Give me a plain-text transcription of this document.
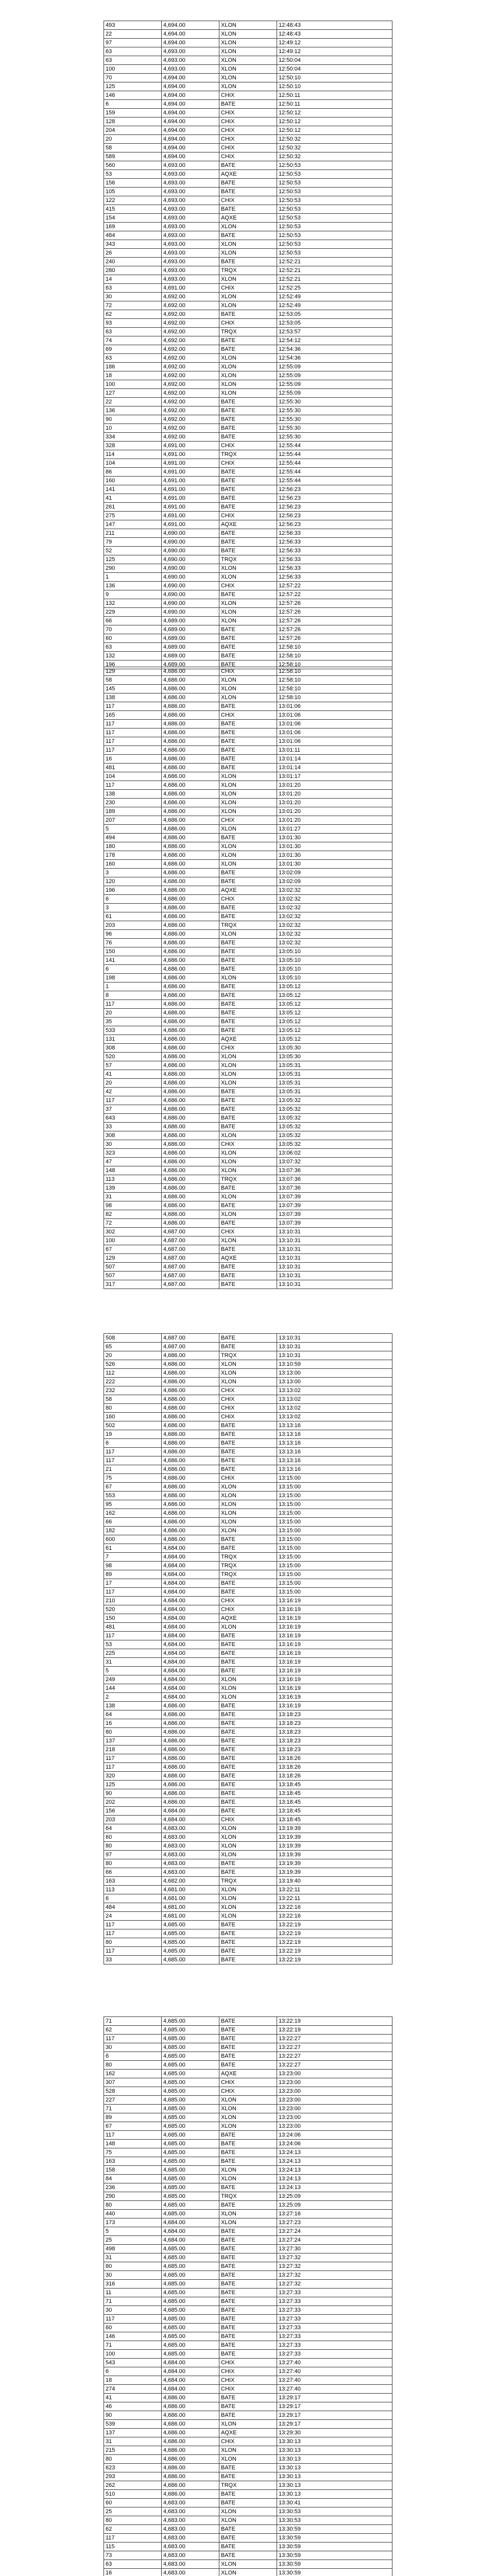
493	4,694.00	XLON	12:48:43
22	4,694.00	XLON	12:48:43
97	4,694.00	XLON	12:49:12
63	4,693.00	XLON	12:49:12
63	4,693.00	XLON	12:50:04
100	4,693.00	XLON	12:50:04
70	4,694.00	XLON	12:50:10
125	4,694.00	XLON	12:50:10
146	4,694.00	CHIX	12:50:11
6	4,694.00	BATE	12:50:11
159	4,694.00	CHIX	12:50:12
128	4,694.00	CHIX	12:50:12
204	4,694.00	CHIX	12:50:12
20	4,694.00	CHIX	12:50:32
58	4,694.00	CHIX	12:50:32
589	4,694.00	CHIX	12:50:32
560	4,693.00	BATE	12:50:53
53	4,693.00	AQXE	12:50:53
156	4,693.00	BATE	12:50:53
105	4,693.00	BATE	12:50:53
122	4,693.00	CHIX	12:50:53
415	4,693.00	BATE	12:50:53
154	4,693.00	AQXE	12:50:53
169	4,693.00	XLON	12:50:53
484	4,693.00	BATE	12:50:53
343	4,693.00	XLON	12:50:53
26	4,693.00	XLON	12:50:53
240	4,693.00	BATE	12:52:21
280	4,693.00	TRQX	12:52:21
14	4,693.00	XLON	12:52:21
63	4,691.00	CHIX	12:52:25
30	4,692.00	XLON	12:52:49
72	4,692.00	XLON	12:52:49
62	4,692.00	BATE	12:53:05
93	4,692.00	CHIX	12:53:05
63	4,692.00	TRQX	12:53:57
74	4,692.00	BATE	12:54:12
69	4,692.00	BATE	12:54:36
63	4,692.00	XLON	12:54:36
186	4,692.00	XLON	12:55:09
18	4,692.00	XLON	12:55:09
100	4,692.00	XLON	12:55:09
127	4,692.00	XLON	12:55:09
22	4,692.00	BATE	12:55:30
136	4,692.00	BATE	12:55:30
90	4,692.00	BATE	12:55:30
10	4,692.00	BATE	12:55:30
334	4,692.00	BATE	12:55:30
328	4,691.00	CHIX	12:55:44
114	4,691.00	TRQX	12:55:44
104	4,691.00	CHIX	12:55:44
86	4,691.00	BATE	12:55:44
160	4,691.00	BATE	12:55:44
141	4,691.00	BATE	12:56:23
41	4,691.00	BATE	12:56:23
261	4,691.00	BATE	12:56:23
275	4,691.00	CHIX	12:56:23
147	4,691.00	AQXE	12:56:23
211	4,690.00	BATE	12:56:33
79	4,690.00	BATE	12:56:33
52	4,690.00	BATE	12:56:33
125	4,690.00	TRQX	12:56:33
290	4,690.00	XLON	12:56:33
1	4,690.00	XLON	12:56:33
136	4,690.00	CHIX	12:57:22
9	4,690.00	BATE	12:57:22
132	4,690.00	XLON	12:57:26
229	4,690.00	XLON	12:57:26
66	4,689.00	XLON	12:57:26
70	4,689.00	BATE	12:57:26
60	4,689.00	BATE	12:57:26
63	4,689.00	BATE	12:58:10
132	4,689.00	BATE	12:58:10
196	4,689.00	BATE	12:58:10
129	4,686.00	CHIX	12:58:10
58	4,686.00	XLON	12:58:10
145	4,686.00	XLON	12:58:10
138	4,686.00	XLON	12:58:10
117	4,686.00	BATE	13:01:06
165	4,686.00	CHIX	13:01:06
117	4,686.00	BATE	13:01:06
117	4,686.00	BATE	13:01:06
117	4,686.00	BATE	13:01:06
117	4,686.00	BATE	13:01:11
16	4,686.00	BATE	13:01:14
481	4,686.00	BATE	13:01:14
104	4,686.00	XLON	13:01:17
117	4,686.00	XLON	13:01:20
138	4,686.00	XLON	13:01:20
230	4,686.00	XLON	13:01:20
189	4,686.00	XLON	13:01:20
207	4,686.00	CHIX	13:01:20
5	4,686.00	XLON	13:01:27
494	4,686.00	BATE	13:01:30
180	4,686.00	XLON	13:01:30
178	4,686.00	XLON	13:01:30
160	4,686.00	XLON	13:01:30
3	4,686.00	BATE	13:02:09
120	4,686.00	BATE	13:02:09
196	4,686.00	AQXE	13:02:32
6	4,686.00	CHIX	13:02:32
3	4,686.00	BATE	13:02:32
61	4,686.00	BATE	13:02:32
203	4,686.00	TRQX	13:02:32
96	4,686.00	XLON	13:02:32
76	4,686.00	BATE	13:02:32
150	4,686.00	BATE	13:05:10
141	4,686.00	BATE	13:05:10
6	4,686.00	BATE	13:05:10
198	4,686.00	XLON	13:05:10
1	4,686.00	BATE	13:05:12
8	4,686.00	BATE	13:05:12
117	4,686.00	BATE	13:05:12
20	4,686.00	BATE	13:05:12
35	4,686.00	BATE	13:05:12
533	4,686.00	BATE	13:05:12
131	4,686.00	AQXE	13:05:12
308	4,686.00	CHIX	13:05:30
520	4,686.00	XLON	13:05:30
57	4,686.00	XLON	13:05:31
41	4,686.00	XLON	13:05:31
20	4,686.00	XLON	13:05:31
42	4,686.00	BATE	13:05:31
117	4,686.00	BATE	13:05:32
37	4,686.00	BATE	13:05:32
643	4,686.00	BATE	13:05:32
33	4,686.00	BATE	13:05:32
308	4,686.00	XLON	13:05:32
30	4,686.00	CHIX	13:05:32
323	4,686.00	XLON	13:06:02
47	4,686.00	XLON	13:07:32
148	4,686.00	XLON	13:07:36
113	4,686.00	TRQX	13:07:36
139	4,686.00	BATE	13:07:36
31	4,686.00	XLON	13:07:39
98	4,686.00	BATE	13:07:39
82	4,686.00	XLON	13:07:39
72	4,686.00	BATE	13:07:39
302	4,687.00	CHIX	13:10:31
100	4,687.00	XLON	13:10:31
67	4,687.00	BATE	13:10:31
129	4,687.00	AQXE	13:10:31
507	4,687.00	BATE	13:10:31
507	4,687.00	BATE	13:10:31
317	4,687.00	BATE	13:10:31
508	4,687.00	BATE	13:10:31
65	4,687.00	BATE	13:10:31
20	4,686.00	TRQX	13:10:31
526	4,686.00	XLON	13:10:59
112	4,686.00	XLON	13:13:00
222	4,686.00	XLON	13:13:00
232	4,686.00	CHIX	13:13:02
58	4,686.00	CHIX	13:13:02
80	4,686.00	CHIX	13:13:02
160	4,686.00	CHIX	13:13:02
502	4,686.00	BATE	13:13:16
19	4,686.00	BATE	13:13:16
6	4,686.00	BATE	13:13:16
117	4,686.00	BATE	13:13:16
117	4,686.00	BATE	13:13:16
21	4,686.00	BATE	13:13:16
75	4,686.00	CHIX	13:15:00
67	4,686.00	XLON	13:15:00
553	4,686.00	XLON	13:15:00
95	4,686.00	XLON	13:15:00
162	4,686.00	XLON	13:15:00
66	4,686.00	XLON	13:15:00
182	4,686.00	XLON	13:15:00
600	4,686.00	BATE	13:15:00
61	4,684.00	BATE	13:15:00
7	4,684.00	TRQX	13:15:00
98	4,684.00	TRQX	13:15:00
89	4,684.00	TRQX	13:15:00
17	4,684.00	BATE	13:15:00
117	4,684.00	BATE	13:15:00
210	4,684.00	CHIX	13:16:19
520	4,684.00	CHIX	13:16:19
150	4,684.00	AQXE	13:16:19
481	4,684.00	XLON	13:16:19
117	4,684.00	BATE	13:16:19
53	4,684.00	BATE	13:16:19
225	4,684.00	BATE	13:16:19
31	4,684.00	BATE	13:16:19
5	4,684.00	BATE	13:16:19
249	4,684.00	XLON	13:16:19
144	4,684.00	XLON	13:16:19
2	4,684.00	XLON	13:16:19
138	4,686.00	BATE	13:16:19
64	4,686.00	BATE	13:18:23
16	4,686.00	BATE	13:18:23
80	4,686.00	BATE	13:18:23
137	4,686.00	BATE	13:18:23
218	4,686.00	BATE	13:18:23
117	4,686.00	BATE	13:18:26
117	4,686.00	BATE	13:18:26
320	4,686.00	BATE	13:18:26
125	4,686.00	BATE	13:18:45
90	4,686.00	BATE	13:18:45
202	4,686.00	BATE	13:18:45
156	4,684.00	BATE	13:18:45
203	4,684.00	CHIX	13:18:45
64	4,683.00	XLON	13:19:39
60	4,683.00	XLON	13:19:39
80	4,683.00	XLON	13:19:39
97	4,683.00	XLON	13:19:39
80	4,683.00	BATE	13:19:39
66	4,683.00	BATE	13:19:39
163	4,682.00	TRQX	13:19:40
113	4,681.00	XLON	13:22:11
6	4,681.00	XLON	13:22:11
484	4,681.00	XLON	13:22:16
24	4,681.00	XLON	13:22:16
117	4,685.00	BATE	13:22:19
117	4,685.00	BATE	13:22:19
80	4,685.00	BATE	13:22:19
117	4,685.00	BATE	13:22:19
33	4,685.00	BATE	13:22:19
71	4,685.00	BATE	13:22:19
62	4,685.00	BATE	13:22:19
117	4,685.00	BATE	13:22:27
30	4,685.00	BATE	13:22:27
6	4,685.00	BATE	13:22:27
80	4,685.00	BATE	13:22:27
162	4,685.00	AQXE	13:23:00
307	4,685.00	CHIX	13:23:00
528	4,685.00	CHIX	13:23:00
227	4,685.00	XLON	13:23:00
71	4,685.00	XLON	13:23:00
89	4,685.00	XLON	13:23:00
67	4,685.00	XLON	13:23:00
117	4,685.00	BATE	13:24:06
148	4,685.00	BATE	13:24:06
75	4,685.00	BATE	13:24:13
163	4,685.00	BATE	13:24:13
158	4,685.00	XLON	13:24:13
84	4,685.00	XLON	13:24:13
236	4,685.00	BATE	13:24:13
290	4,685.00	TRQX	13:25:09
80	4,685.00	BATE	13:25:09
440	4,685.00	XLON	13:27:16
173	4,684.00	XLON	13:27:23
5	4,684.00	BATE	13:27:24
25	4,684.00	BATE	13:27:24
498	4,685.00	BATE	13:27:30
31	4,685.00	BATE	13:27:32
80	4,685.00	BATE	13:27:32
30	4,685.00	BATE	13:27:32
316	4,685.00	BATE	13:27:32
11	4,685.00	BATE	13:27:33
71	4,685.00	BATE	13:27:33
30	4,685.00	BATE	13:27:33
117	4,685.00	BATE	13:27:33
60	4,685.00	BATE	13:27:33
146	4,685.00	BATE	13:27:33
71	4,685.00	BATE	13:27:33
100	4,685.00	BATE	13:27:33
543	4,684.00	CHIX	13:27:40
6	4,684.00	CHIX	13:27:40
18	4,684.00	CHIX	13:27:40
274	4,684.00	CHIX	13:27:40
41	4,686.00	BATE	13:29:17
46	4,686.00	BATE	13:29:17
90	4,686.00	BATE	13:29:17
539	4,686.00	XLON	13:29:17
137	4,686.00	AQXE	13:29:30
31	4,686.00	CHIX	13:30:13
215	4,686.00	XLON	13:30:13
80	4,686.00	XLON	13:30:13
623	4,686.00	BATE	13:30:13
293	4,686.00	BATE	13:30:13
262	4,686.00	TRQX	13:30:13
510	4,686.00	BATE	13:30:13
60	4,683.00	BATE	13:30:41
25	4,683.00	XLON	13:30:53
80	4,683.00	XLON	13:30:53
62	4,683.00	BATE	13:30:59
117	4,683.00	BATE	13:30:59
115	4,683.00	BATE	13:30:59
73	4,683.00	BATE	13:30:59
63	4,683.00	XLON	13:30:59
16	4,683.00	XLON	13:30:59
